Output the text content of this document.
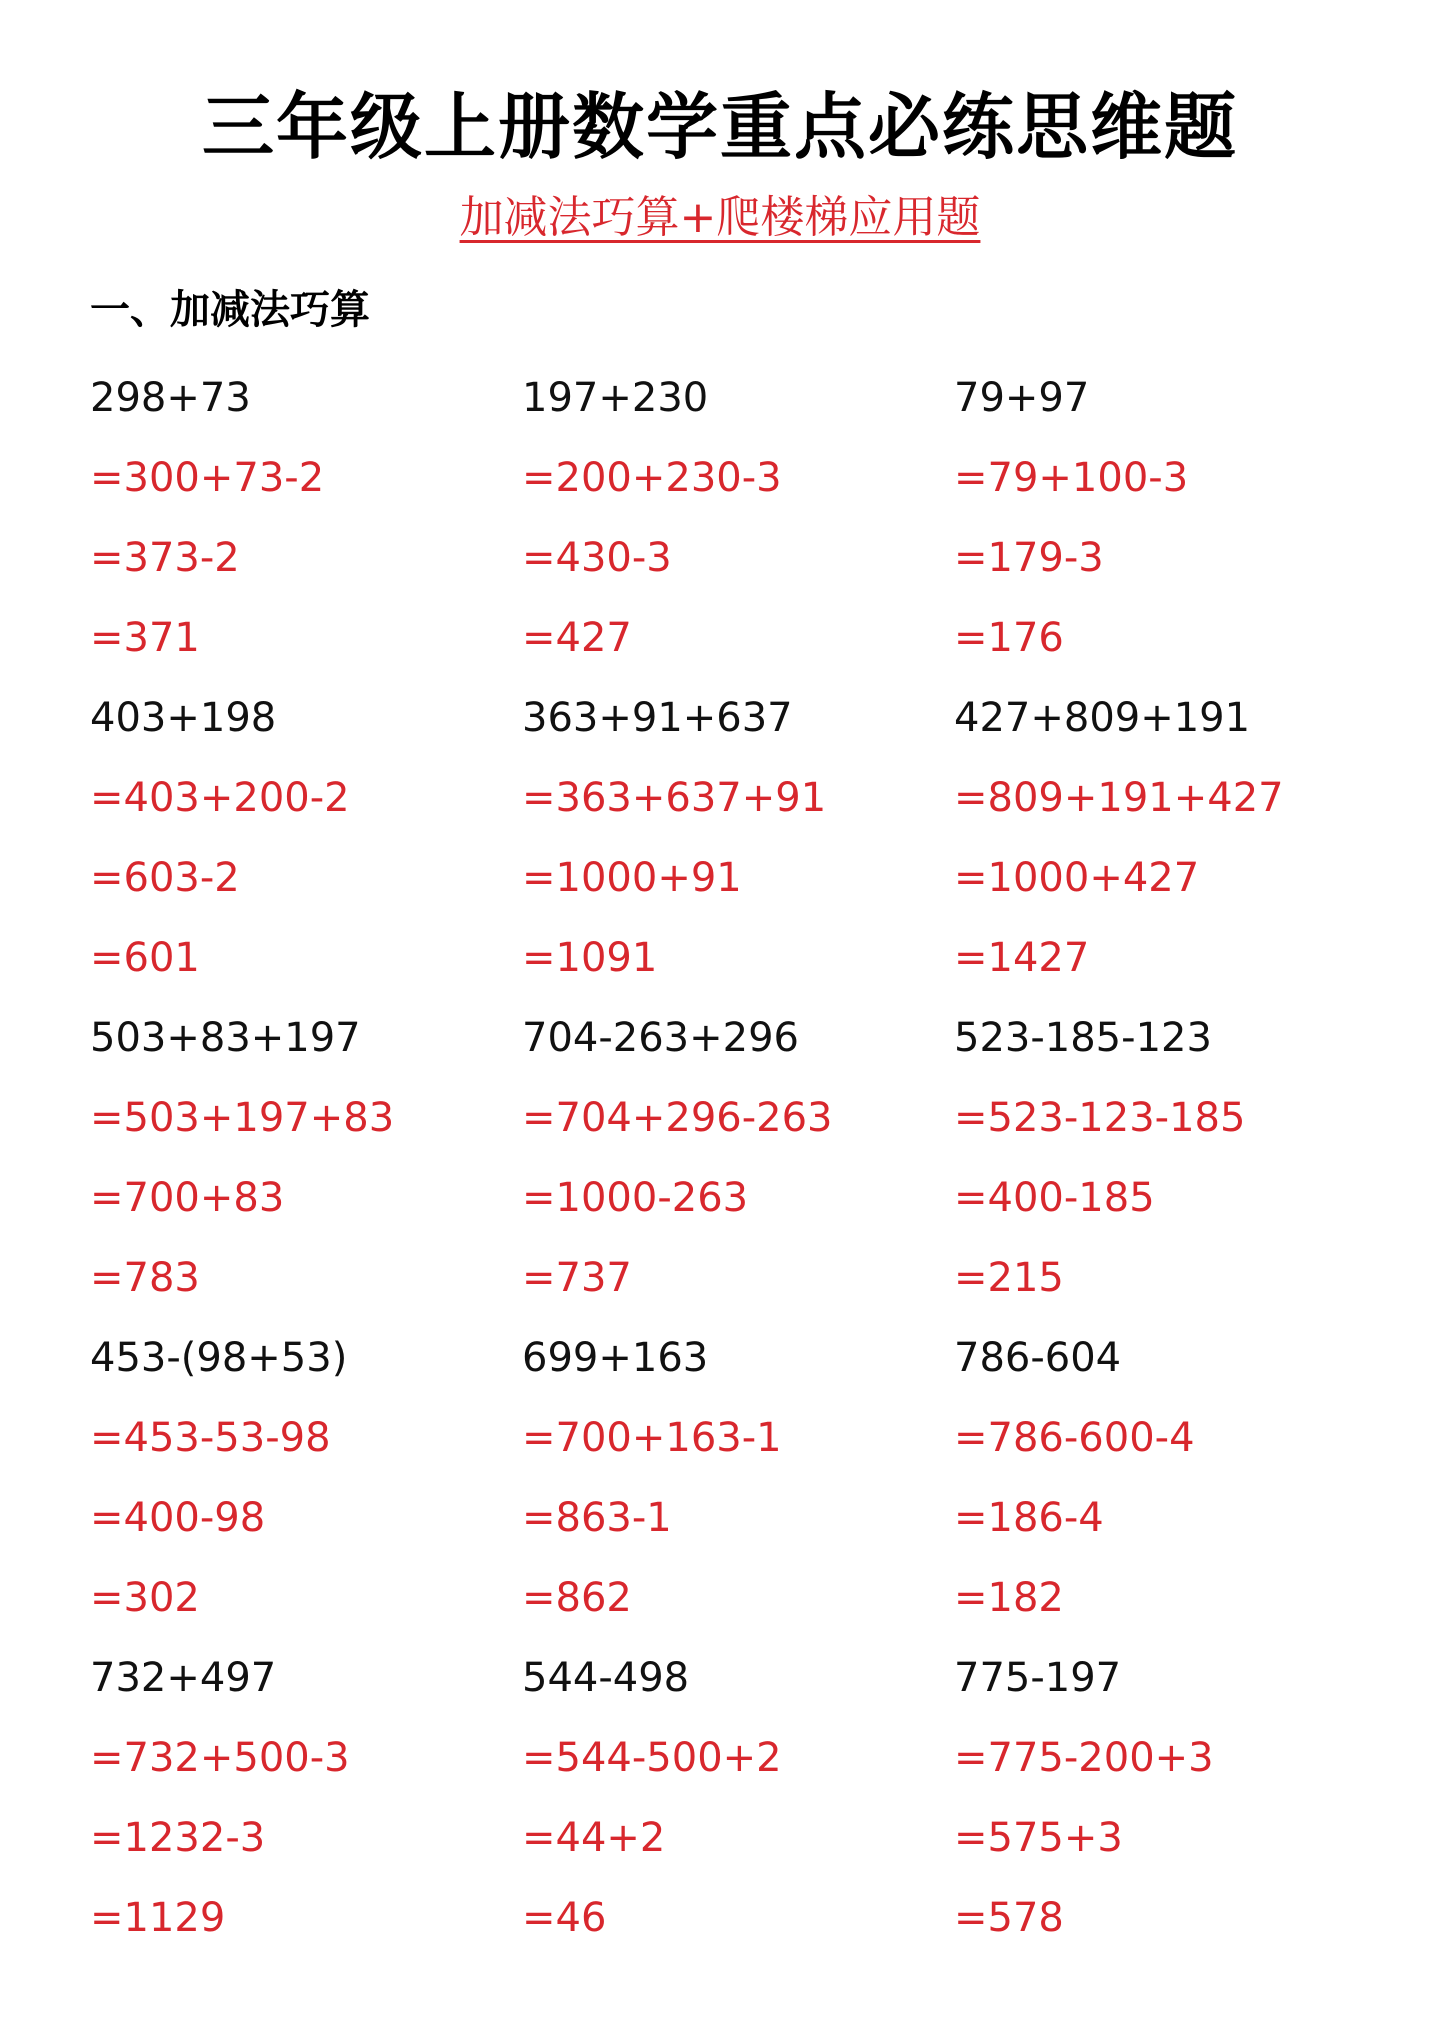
三年级上册数学重点必练思维题
加减法巧算+爬楼梯应用题
一、加减法巧算
298+73
=300+73-2
=373-2
=371
197+230
=200+230-3
=430-3
=427
79+97
=79+100-3
=179-3
=176
403+198
=403+200-2
=603-2
=601
363+91+637
=363+637+91
=1000+91
=1091
427+809+191
=809+191+427
=1000+427
=1427
503+83+197
=503+197+83
=700+83
=783
704-263+296
=704+296-263
=1000-263
=737
523-185-123
=523-123-185
=400-185
=215
453-(98+53)
=453-53-98
=400-98
=302
699+163
=700+163-1
=863-1
=862
786-604
=786-600-4
=186-4
=182
732+497
=732+500-3
=1232-3
=1129
544-498
=544-500+2
=44+2
=46
775-197
=775-200+3
=575+3
=578
